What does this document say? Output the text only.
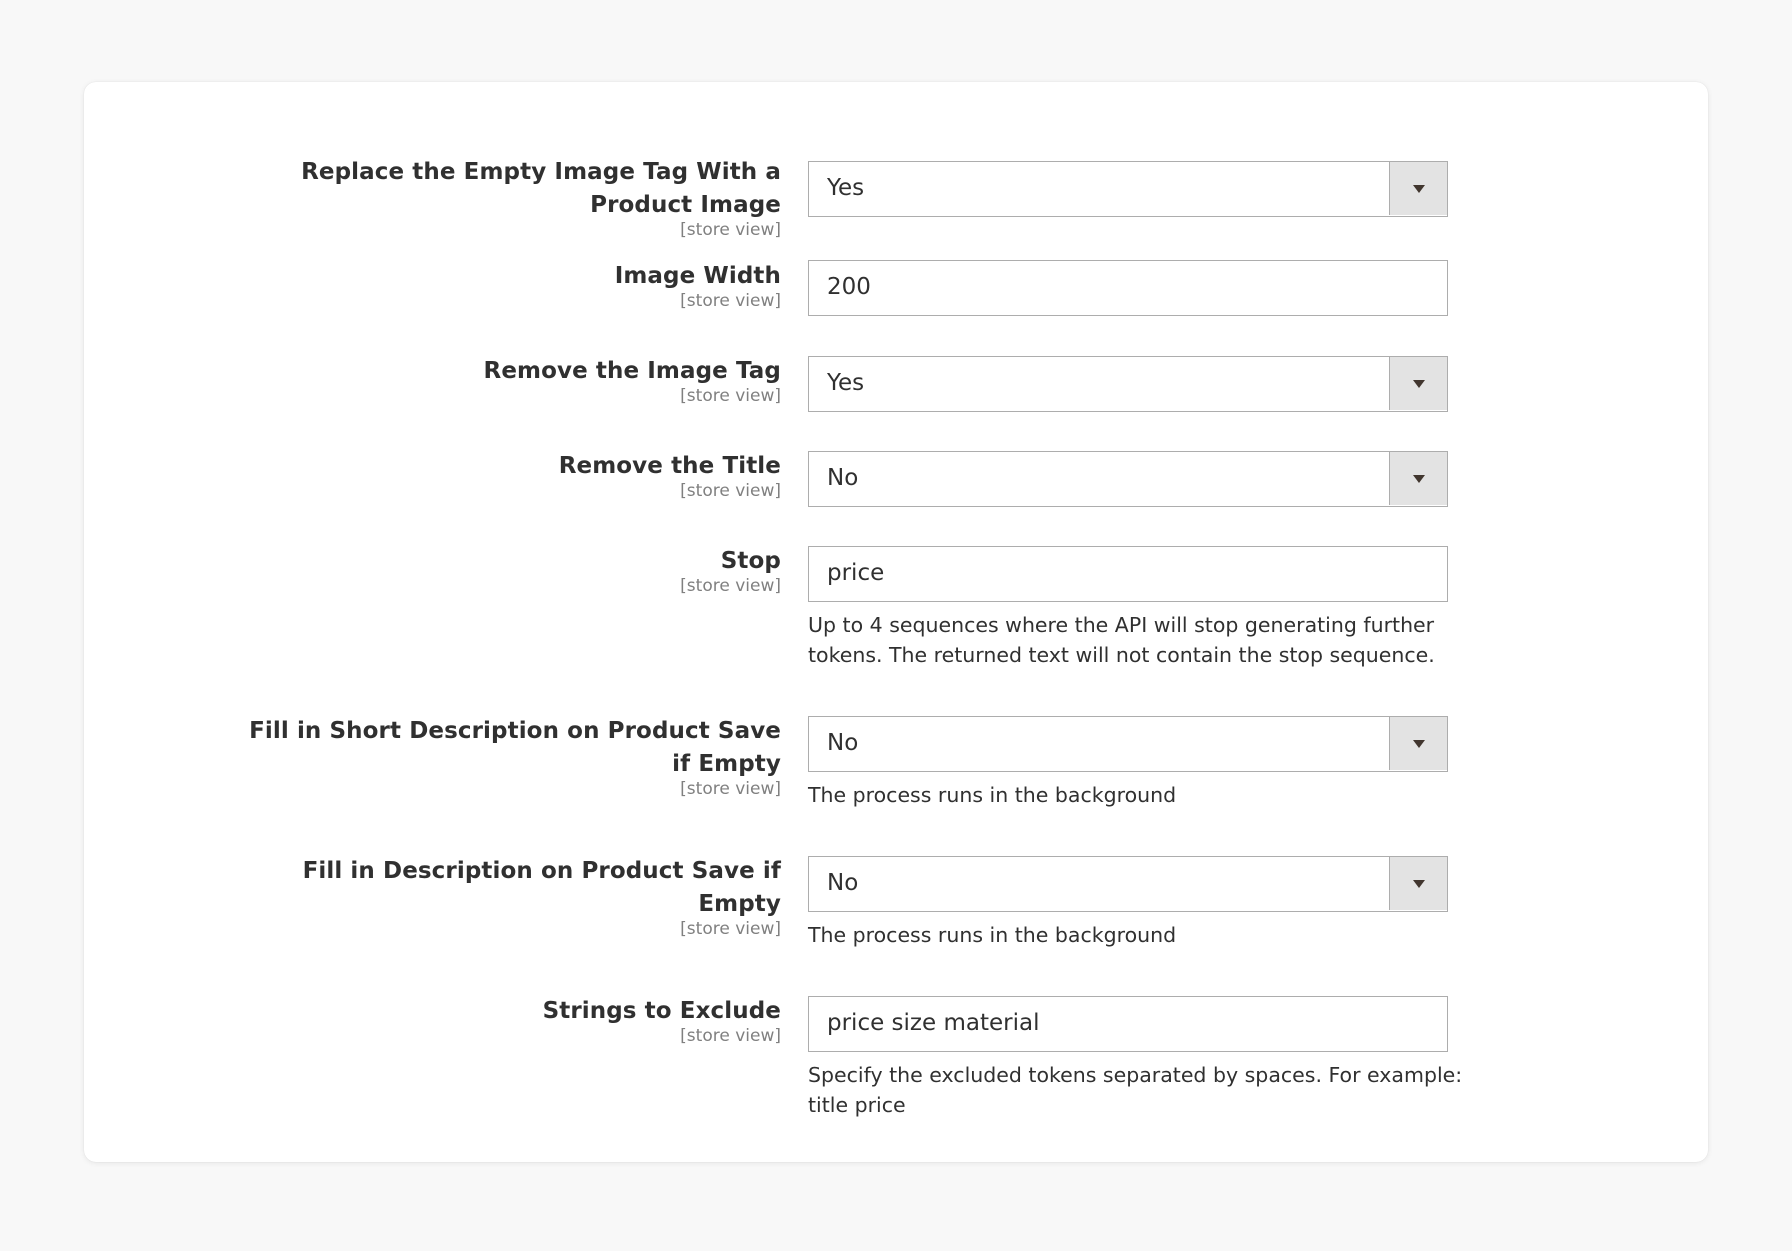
Replace the Empty Image Tag With a
Product Image
[store view]
Yes
Image Width
[store view]
200
Remove the Image Tag
[store view] Yes
Remove the Title
[store view] No
Stop
[store view] price
Up to 4 sequences where the API will stop generating further
tokens. The returned text will not contain the stop sequence.
Fill in Short Description on Product Save
if Empty
[store view]
No
The process runs in the background
Fill in Description on Product Save if
Empty
[store view]
No
The process runs in the background
Strings to Exclude
[store view] price size material
Specify the excluded tokens separated by spaces. For example:
title price
